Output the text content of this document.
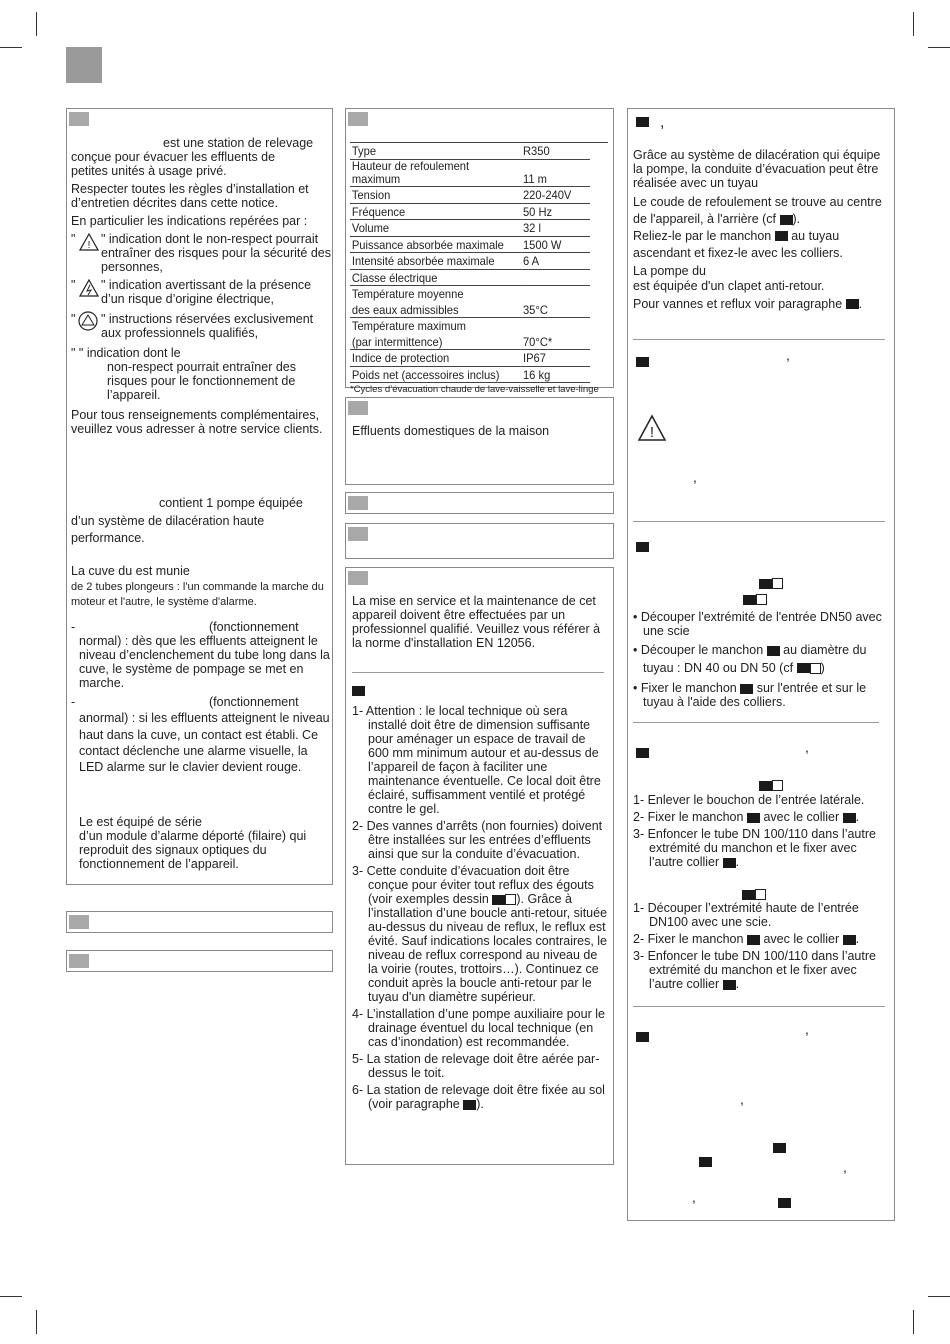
est une station de relevage
conçue pour évacuer les effluents de
petites unités à usage privé.
Respecter toutes les règles d’installation et d’entretien décrites dans cette notice.
En particulier les indications repérées par :
" ! " indication dont le non-respect pourrait entraîner des risques pour la sécurité des personnes,
" " indication avertissant de la présence d’un risque d’origine électrique,
" " instructions réservées exclusivement aux professionnels qualifiés,
" " indication dont le
non-respect pourrait entraîner des risques pour le fonctionnement de l’appareil.
Pour tous renseignements complémentaires, veuillez vous adresser à notre service clients.
contient 1 pompe équipée
d’un système de dilacération haute performance.
La cuve du est munie
de 2 tubes plongeurs : l'un commande la marche du moteur et l'autre, le système d'alarme.
-	(fonctionnement normal) : dès que les effluents atteignent le niveau d’enclenchement du tube long dans la cuve, le système de pompage se met en marche.
-	(fonctionnement anormal) : si les effluents atteignent le niveau haut dans la cuve, un contact est établi. Ce contact déclenche une alarme visuelle, la LED alarme sur le clavier devient rouge.
Le est équipé de série
d’un module d’alarme déporté (filaire) qui reproduit des signaux optiques du fonctionnement de l’appareil.
Type	R350
Hauteur de refoulement maximum	11 m
Tension	220-240V
Fréquence	50 Hz
Volume	32 l
Puissance absorbée maximale	1500 W
Intensité absorbée maximale	6 A
Classe électrique	
Température moyenne	
des eaux admissibles	35°C
Température maximum	
(par intermittence)	70°C*
Indice de protection	IP67
Poids net (accessoires inclus)	16 kg
*Cycles d’évacuation chaude de lave-vaisselle et lave-linge
Effluents domestiques de la maison
La mise en service et la maintenance de cet appareil doivent être effectuées par un professionnel qualifié. Veuillez vous référer à la norme d'installation EN 12056.
1- Attention : le local technique où sera installé doit être de dimension suffisante pour aménager un espace de travail de 600 mm minimum autour et au-dessus de l’appareil de façon à faciliter une maintenance éventuelle. Ce local doit être éclairé, suffisamment ventilé et protégé contre le gel.
2- Des vannes d’arrêts (non fournies) doivent être installées sur les entrées d’effluents ainsi que sur la conduite d’évacuation.
3- Cette conduite d’évacuation doit être conçue pour éviter tout reflux des égouts (voir exemples dessin ). Grâce à l’installation d’une boucle anti-retour, située au-dessus du niveau de reflux, le reflux est évité. Sauf indications locales contraires, le niveau de reflux correspond au niveau de la voirie (routes, trottoirs…). Continuez ce conduit après la boucle anti-retour par le tuyau d'un diamètre supérieur.
4- L’installation d’une pompe auxiliaire pour le drainage éventuel du local technique (en cas d’inondation) est recommandée.
5- La station de relevage doit être aérée par-dessus le toit.
6- La station de relevage doit être fixée au sol (voir paragraphe ).
,
Grâce au système de dilacération qui équipe la pompe, la conduite d’évacuation peut être réalisée avec un tuyau
Le coude de refoulement se trouve au centre de l'appareil, à l'arrière (cf ).
Reliez-le par le manchon au tuyau ascendant et fixez-le avec les colliers.
La pompe du
est équipée d'un clapet anti-retour.
Pour vannes et reflux voir paragraphe .
,
!
,
• Découper l'extrémité de l'entrée DN50 avec une scie
• Découper le manchon au diamètre du tuyau : DN 40 ou DN 50 (cf )
• Fixer le manchon sur l'entrée et sur le tuyau à l'aide des colliers.
,
1- Enlever le bouchon de l’entrée latérale.
2- Fixer le manchon avec le collier .
3- Enfoncer le tube DN 100/110 dans l’autre extrémité du manchon et le fixer avec l’autre collier .
1- Découper l’extrémité haute de l’entrée DN100 avec une scie.
2- Fixer le manchon avec le collier .
3- Enfoncer le tube DN 100/110 dans l’autre extrémité du manchon et le fixer avec l’autre collier .
,
,
,
,
